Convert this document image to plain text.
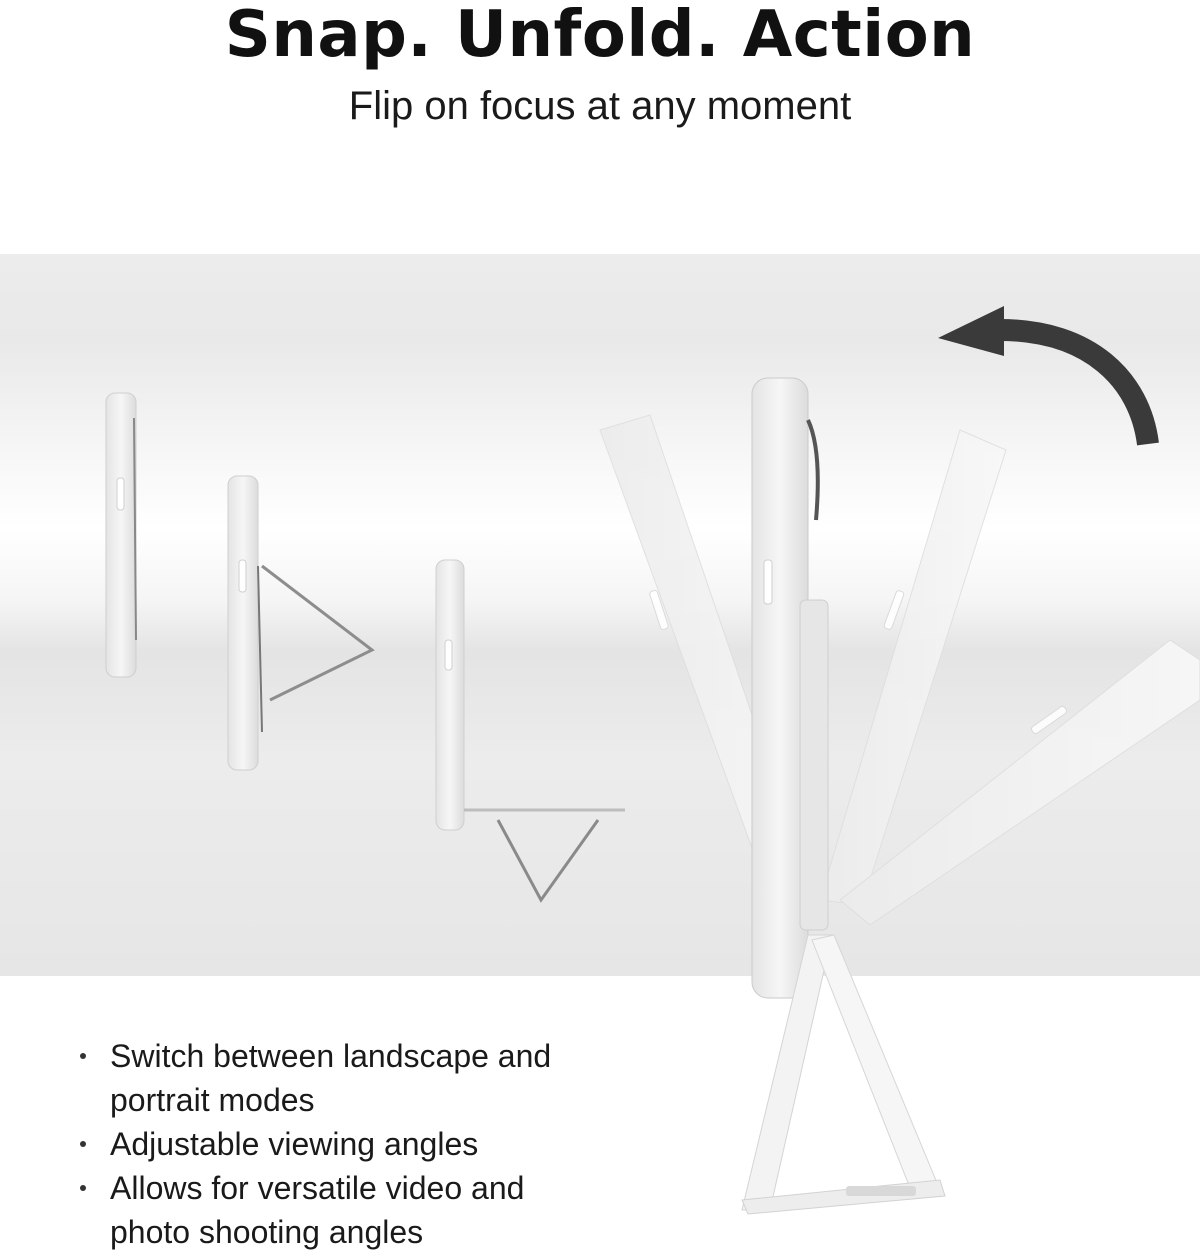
Snap. Unfold. Action
Flip on focus at any moment
Switch between landscape and portrait modes
Adjustable viewing angles
Allows for versatile video and photo shooting angles
